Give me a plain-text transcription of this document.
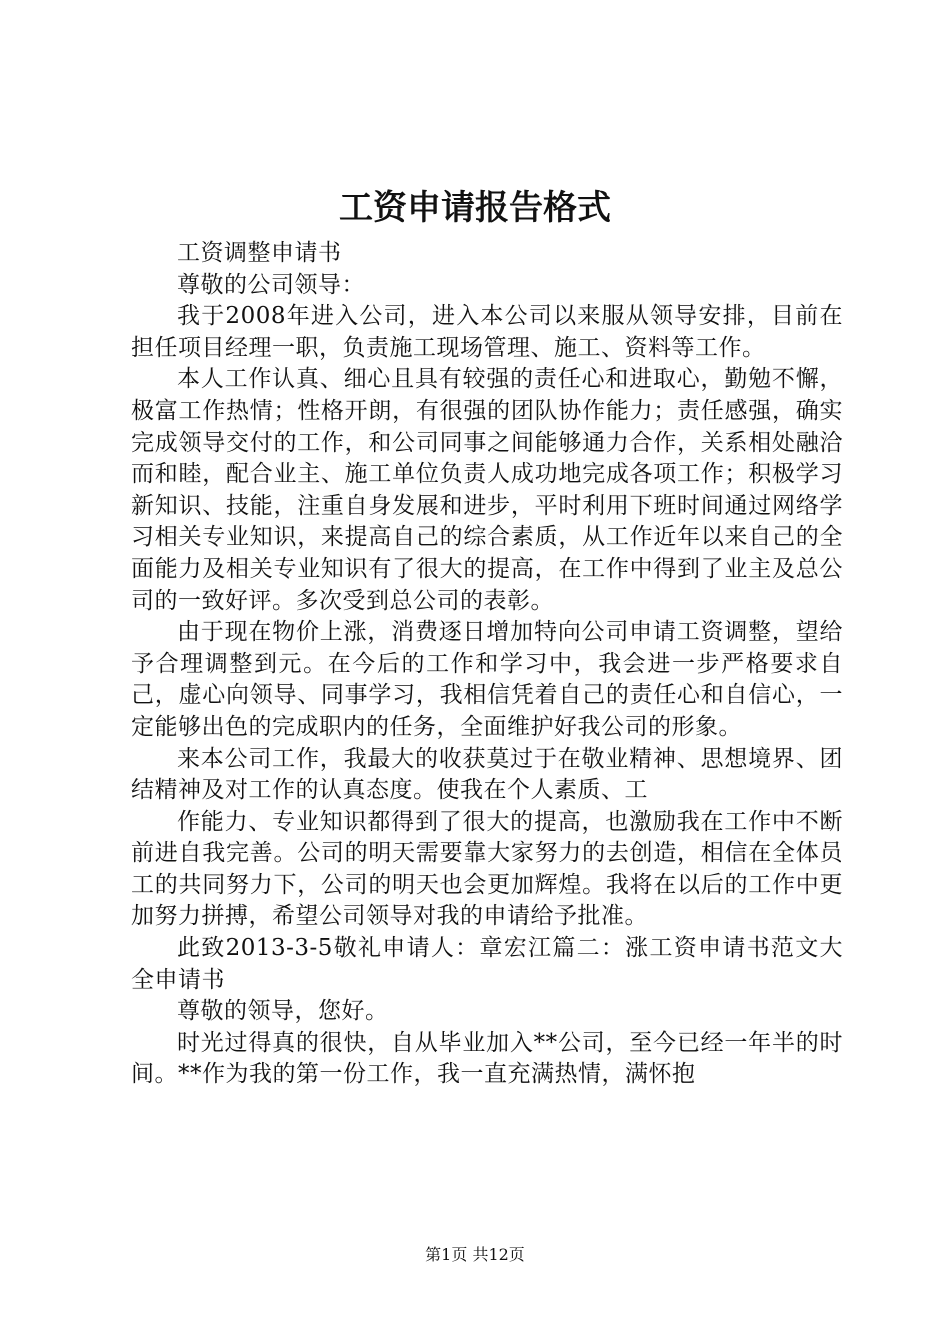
工资申请报告格式

工资调整申请书

尊敬的公司领导：

我于2008年进入公司，进入本公司以来服从领导安排，目前在担任项目经理一职，负责施工现场管理、施工、资料等工作。

本人工作认真、细心且具有较强的责任心和进取心，勤勉不懈，极富工作热情；性格开朗，有很强的团队协作能力；责任感强，确实完成领导交付的工作，和公司同事之间能够通力合作，关系相处融洽而和睦，配合业主、施工单位负责人成功地完成各项工作；积极学习新知识、技能，注重自身发展和进步，平时利用下班时间通过网络学习相关专业知识，来提高自己的综合素质，从工作近年以来自己的全面能力及相关专业知识有了很大的提高，在工作中得到了业主及总公司的一致好评。多次受到总公司的表彰。

由于现在物价上涨，消费逐日增加特向公司申请工资调整，望给予合理调整到元。在今后的工作和学习中，我会进一步严格要求自己，虚心向领导、同事学习，我相信凭着自己的责任心和自信心，一定能够出色的完成职内的任务，全面维护好我公司的形象。

来本公司工作，我最大的收获莫过于在敬业精神、思想境界、团结精神及对工作的认真态度。使我在个人素质、工

作能力、专业知识都得到了很大的提高，也激励我在工作中不断前进自我完善。公司的明天需要靠大家努力的去创造，相信在全体员工的共同努力下，公司的明天也会更加辉煌。我将在以后的工作中更加努力拼搏，希望公司领导对我的申请给予批准。

此致2013-3-5敬礼申请人：章宏江篇二：涨工资申请书范文大全申请书

尊敬的领导，您好。

时光过得真的很快，自从毕业加入**公司，至今已经一年半的时间。**作为我的第一份工作，我一直充满热情，满怀抱

第1页 共12页
